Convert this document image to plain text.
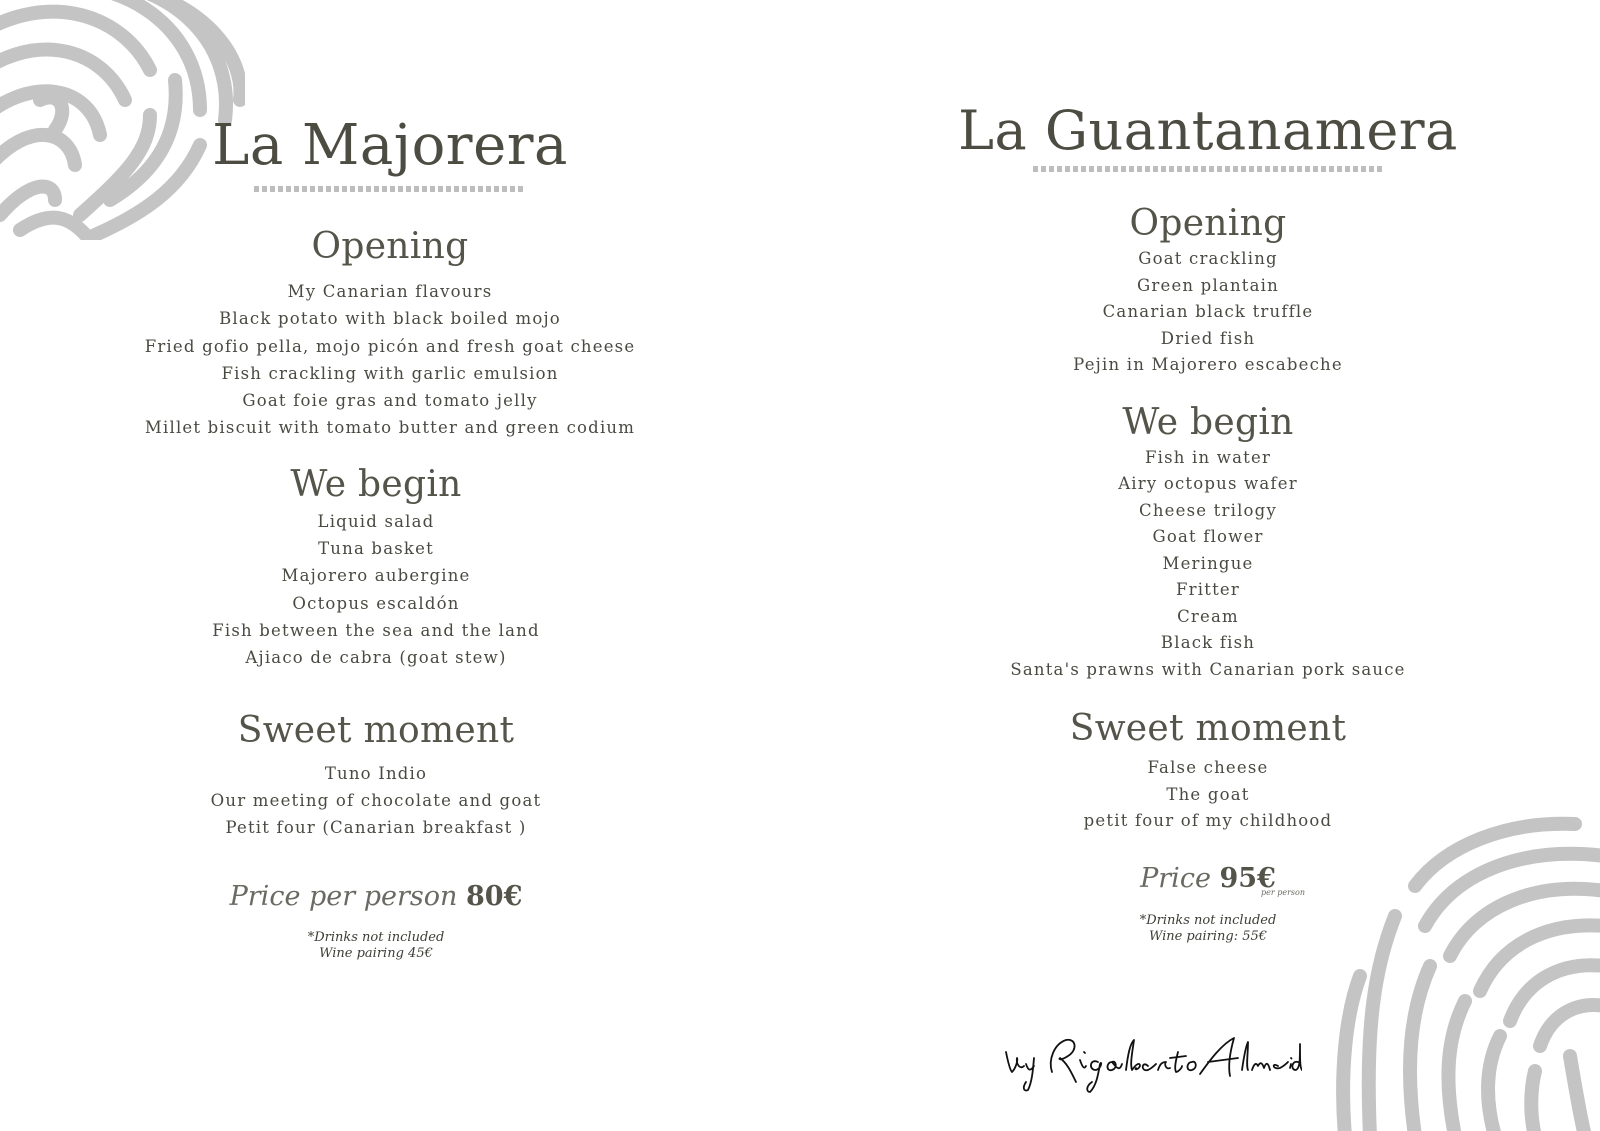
La Majorera
Opening
My Canarian flavours
Black potato with black boiled mojo
Fried gofio pella, mojo picón and fresh goat cheese
Fish crackling with garlic emulsion
Goat foie gras and tomato jelly
Millet biscuit with tomato butter and green codium
We begin
Liquid salad
Tuna basket
Majorero aubergine
Octopus escaldón
Fish between the sea and the land
Ajiaco de cabra (goat stew)
Sweet moment
Tuno Indio
Our meeting of chocolate and goat
Petit four (Canarian breakfast )
Price per person 80€
*Drinks not included
Wine pairing 45€
La Guantanamera
Opening
Goat crackling
Green plantain
Canarian black truffle
Dried fish
Pejin in Majorero escabeche
We begin
Fish in water
Airy octopus wafer
Cheese trilogy
Goat flower
Meringue
Fritter
Cream
Black fish
Santa's prawns with Canarian pork sauce
Sweet moment
False cheese
The goat
petit four of my childhood
Price 95€
per person
*Drinks not included
Wine pairing: 55€
